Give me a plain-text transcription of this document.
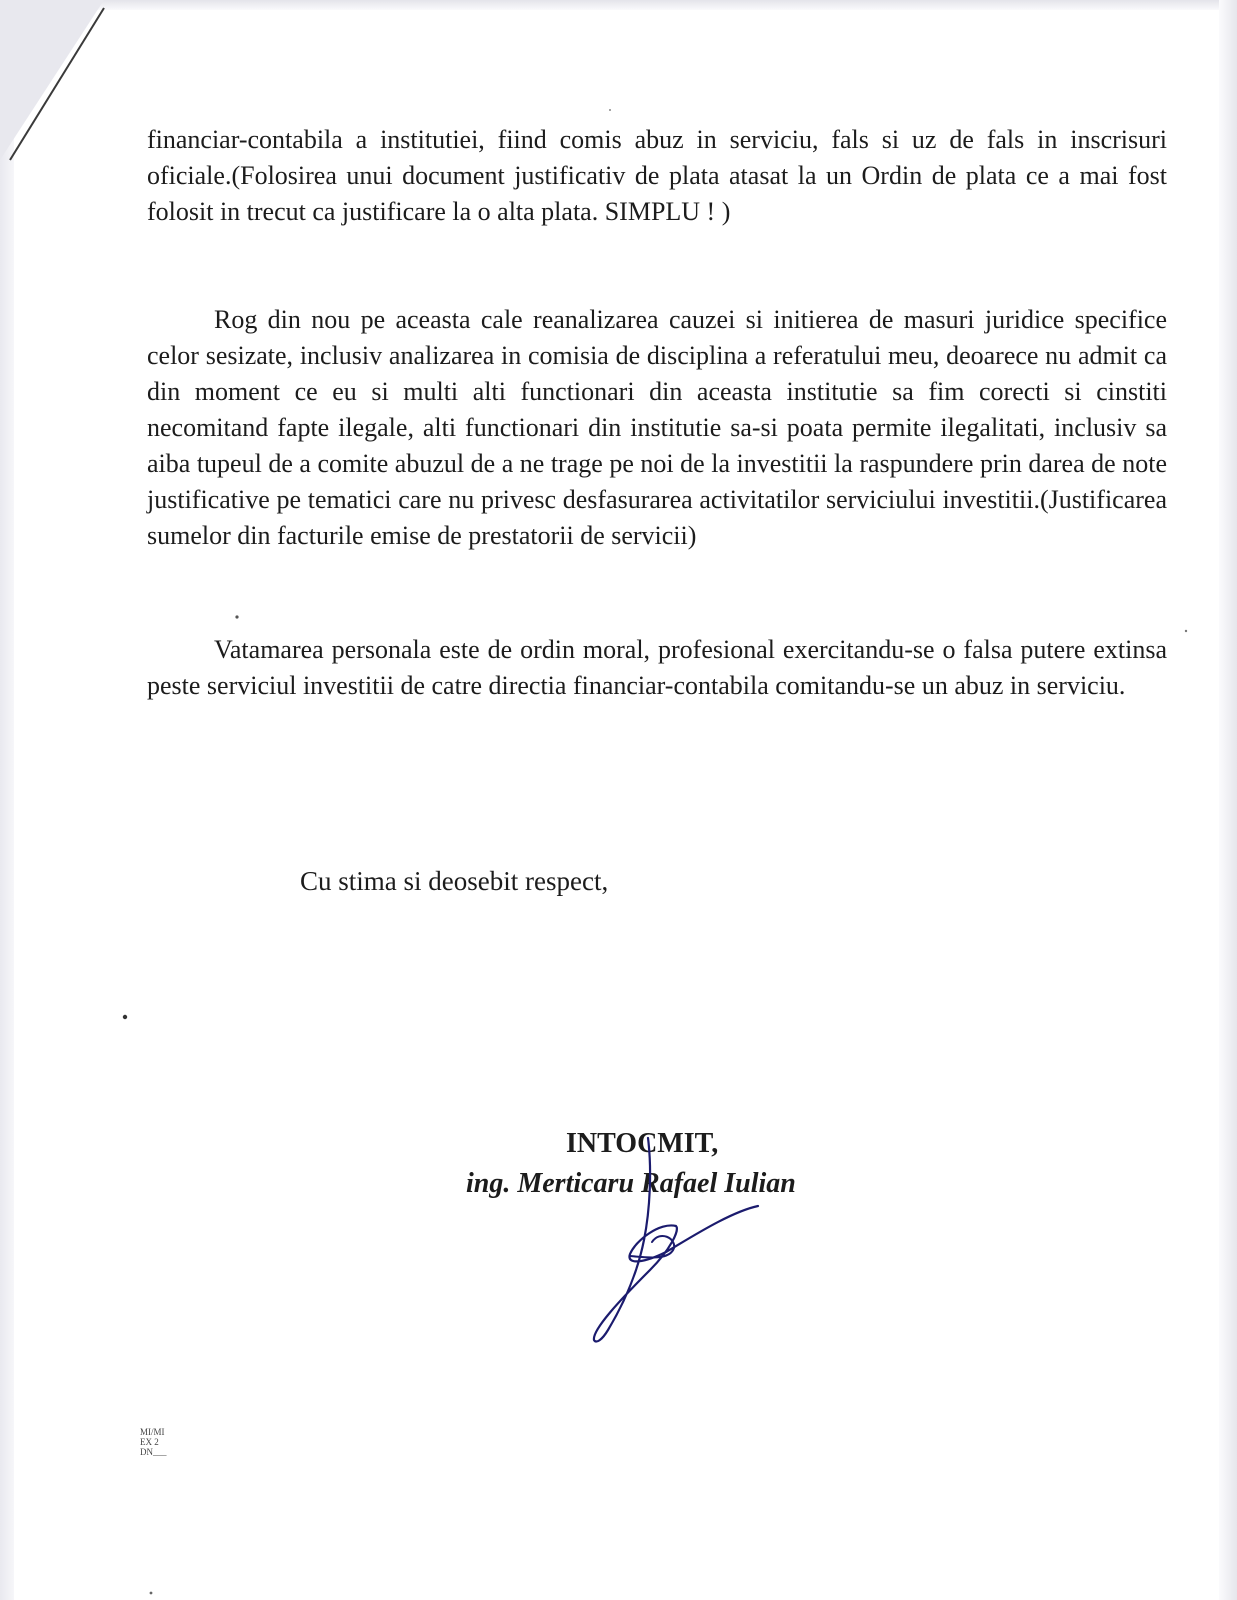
financiar-contabila a institutiei, fiind comis abuz in serviciu, fals si uz de fals in inscrisuri oficiale.(Folosirea unui document justificativ de plata atasat la un Ordin de plata ce a mai fost folosit in trecut ca justificare la o alta plata. SIMPLU ! )

Rog din nou pe aceasta cale reanalizarea cauzei si initierea de masuri juridice specifice celor sesizate, inclusiv analizarea in comisia de disciplina a referatului meu, deoarece nu admit ca din moment ce eu si multi alti functionari din aceasta institutie sa fim corecti si cinstiti necomitand fapte ilegale, alti functionari din institutie sa-si poata permite ilegalitati, inclusiv sa aiba tupeul de a comite abuzul de a ne trage pe noi de la investitii la raspundere prin darea de note justificative pe tematici care nu privesc desfasurarea activitatilor serviciului investitii.(Justificarea sumelor din facturile emise de prestatorii de servicii)

Vatamarea personala este de ordin moral, profesional exercitandu-se o falsa putere extinsa peste serviciul investitii de catre directia financiar-contabila comitandu-se un abuz in serviciu.

Cu stima si deosebit respect,

INTOCMIT,

ing. Merticaru Rafael Iulian

MI/MI
EX 2
DN___
